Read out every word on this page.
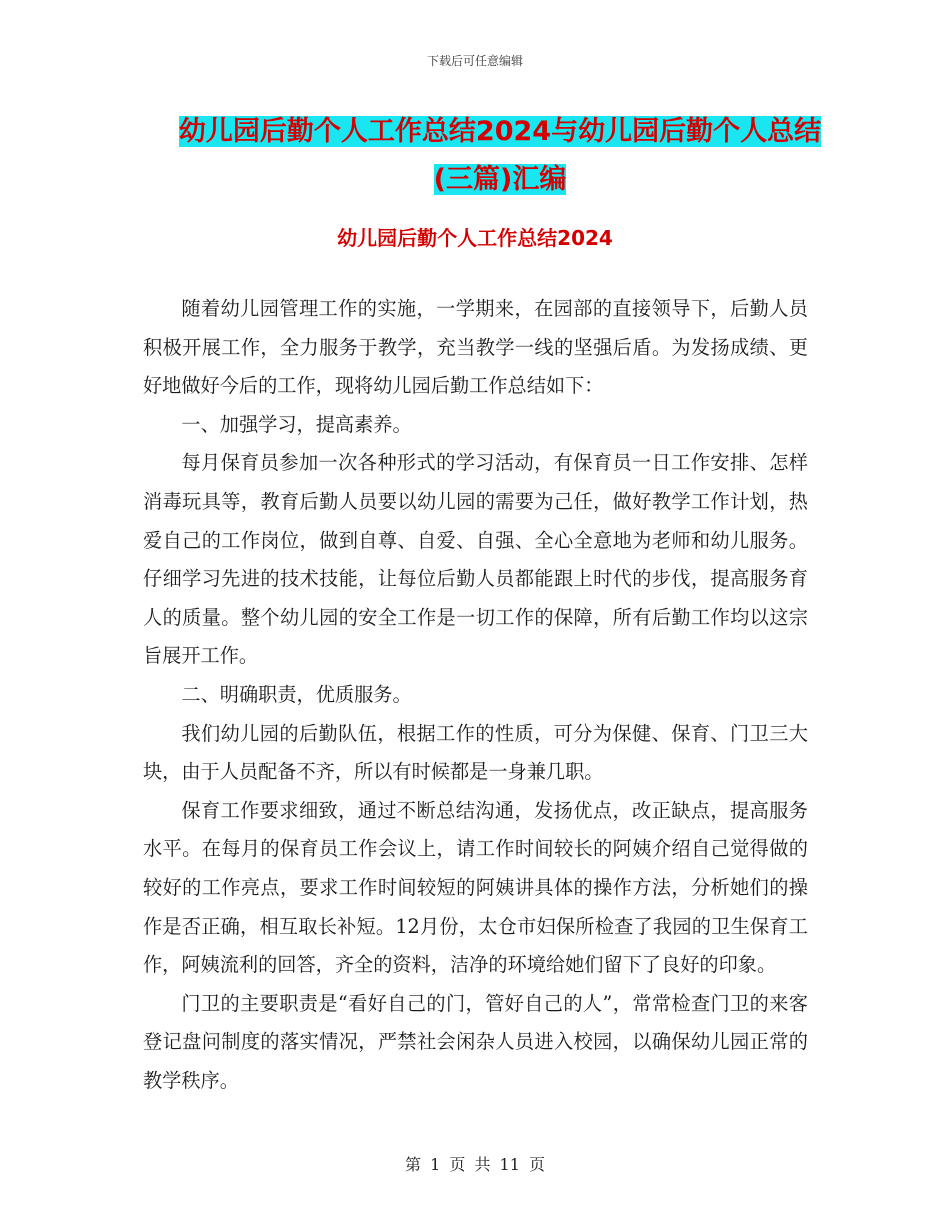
下载后可任意编辑
幼儿园后勤个人工作总结2024与幼儿园后勤个人总结
(三篇)汇编
幼儿园后勤个人工作总结2024

随着幼儿园管理工作的实施，一学期来，在园部的直接领导下，后勤人员积极开展工作，全力服务于教学，充当教学一线的坚强后盾。为发扬成绩、更好地做好今后的工作，现将幼儿园后勤工作总结如下：

一、加强学习，提高素养。

每月保育员参加一次各种形式的学习活动，有保育员一日工作安排、怎样消毒玩具等，教育后勤人员要以幼儿园的需要为己任，做好教学工作计划，热爱自己的工作岗位，做到自尊、自爱、自强、全心全意地为老师和幼儿服务。仔细学习先进的技术技能，让每位后勤人员都能跟上时代的步伐，提高服务育人的质量。整个幼儿园的安全工作是一切工作的保障，所有后勤工作均以这宗旨展开工作。

二、明确职责，优质服务。

我们幼儿园的后勤队伍，根据工作的性质，可分为保健、保育、门卫三大块，由于人员配备不齐，所以有时候都是一身兼几职。

保育工作要求细致，通过不断总结沟通，发扬优点，改正缺点，提高服务水平。在每月的保育员工作会议上，请工作时间较长的阿姨介绍自己觉得做的较好的工作亮点，要求工作时间较短的阿姨讲具体的操作方法，分析她们的操作是否正确，相互取长补短。12月份，太仓市妇保所检查了我园的卫生保育工作，阿姨流利的回答，齐全的资料，洁净的环境给她们留下了良好的印象。

门卫的主要职责是“看好自己的门，管好自己的人”，常常检查门卫的来客登记盘问制度的落实情况，严禁社会闲杂人员进入校园，以确保幼儿园正常的教学秩序。

第 1 页 共 11 页
